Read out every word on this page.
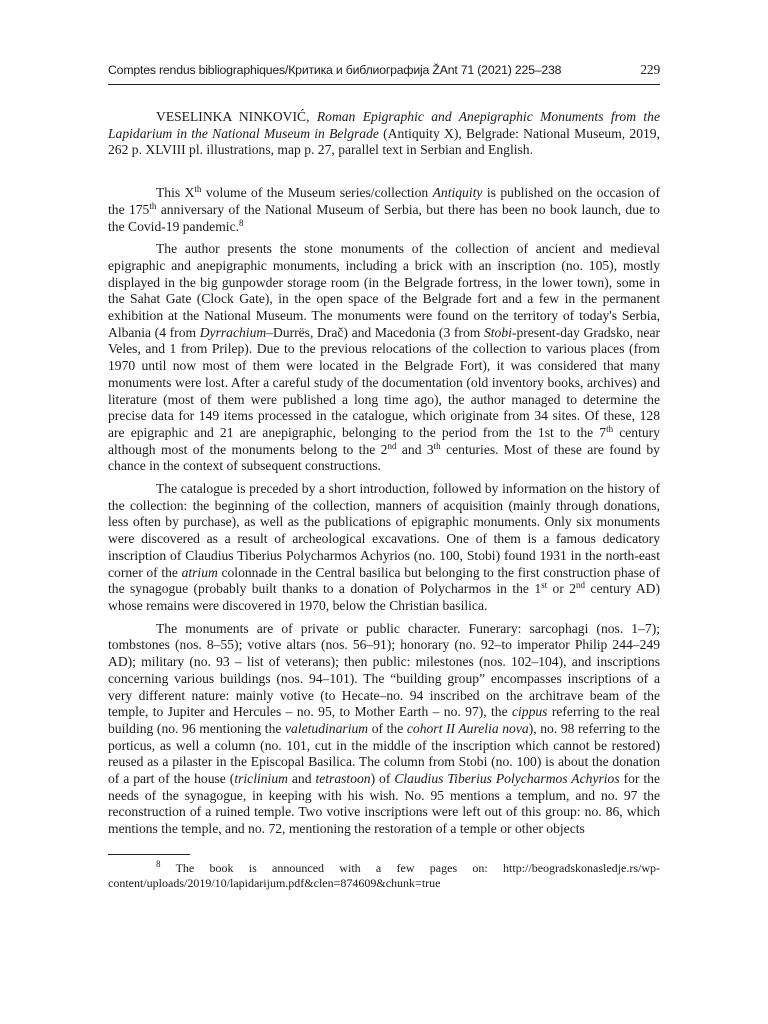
Comptes rendus bibliographiques/Критика и библиографија ŽAnt 71 (2021) 225–238	229

VESELINKA NINKOVIĆ, Roman Epigraphic and Anepigraphic Monuments from the Lapidarium in the National Museum in Belgrade (Antiquity X), Belgrade: National Museum, 2019, 262 p. XLVIII pl. illustrations, map p. 27, parallel text in Serbian and English.

This Xth volume of the Museum series/collection Antiquity is published on the occasion of the 175th anniversary of the National Museum of Serbia, but there has been no book launch, due to the Covid-19 pandemic.$^8$

The author presents the stone monuments of the collection of ancient and medieval epigraphic and anepigraphic monuments, including a brick with an inscription (no. 105), mostly displayed in the big gunpowder storage room (in the Belgrade fortress, in the lower town), some in the Sahat Gate (Clock Gate), in the open space of the Belgrade fort and a few in the permanent exhibition at the National Museum. The monuments were found on the territory of today's Serbia, Albania (4 from Dyrrachium–Durrës, Drač) and Macedonia (3 from Stobi-present-day Gradsko, near Veles, and 1 from Prilep). Due to the previous relocations of the collection to various places (from 1970 until now most of them were located in the Belgrade Fort), it was considered that many monuments were lost. After a careful study of the documentation (old inventory books, archives) and literature (most of them were published a long time ago), the author managed to determine the precise data for 149 items processed in the catalogue, which originate from 34 sites. Of these, 128 are epigraphic and 21 are anepigraphic, belonging to the period from the 1st to the 7th century although most of the monuments belong to the 2nd and 3th centuries. Most of these are found by chance in the context of subsequent constructions.

The catalogue is preceded by a short introduction, followed by information on the history of the collection: the beginning of the collection, manners of acquisition (mainly through donations, less often by purchase), as well as the publications of epigraphic monuments. Only six monuments were discovered as a result of archeological excavations. One of them is a famous dedicatory inscription of Claudius Tiberius Polycharmos Achyrios (no. 100, Stobi) found 1931 in the north-east corner of the atrium colonnade in the Central basilica but belonging to the first construction phase of the synagogue (probably built thanks to a donation of Polycharmos in the 1st or 2nd century AD) whose remains were discovered in 1970, below the Christian basilica.

The monuments are of private or public character. Funerary: sarcophagi (nos. 1–7); tombstones (nos. 8–55); votive altars (nos. 56–91); honorary (no. 92–to imperator Philip 244–249 AD); military (no. 93 – list of veterans); then public: milestones (nos. 102–104), and inscriptions concerning various buildings (nos. 94–101). The “building group” encompasses inscriptions of a very different nature: mainly votive (to Hecate–no. 94 inscribed on the architrave beam of the temple, to Jupiter and Hercules – no. 95, to Mother Earth – no. 97), the cippus referring to the real building (no. 96 mentioning the valetudinarium of the cohort II Aurelia nova), no. 98 referring to the porticus, as well a column (no. 101, cut in the middle of the inscription which cannot be restored) reused as a pilaster in the Episcopal Basilica. The column from Stobi (no. 100) is about the donation of a part of the house (triclinium and tetrastoon) of Claudius Tiberius Polycharmos Achyrios for the needs of the synagogue, in keeping with his wish. No. 95 mentions a templum, and no. 97 the reconstruction of a ruined temple. Two votive inscriptions were left out of this group: no. 86, which mentions the temple, and no. 72, mentioning the restoration of a temple or other objects

$^8$ The book is announced with a few pages on: http://beogradskonasledje.rs/wp-content/uploads/2019/10/lapidarijum.pdf&clen=874609&chunk=true
